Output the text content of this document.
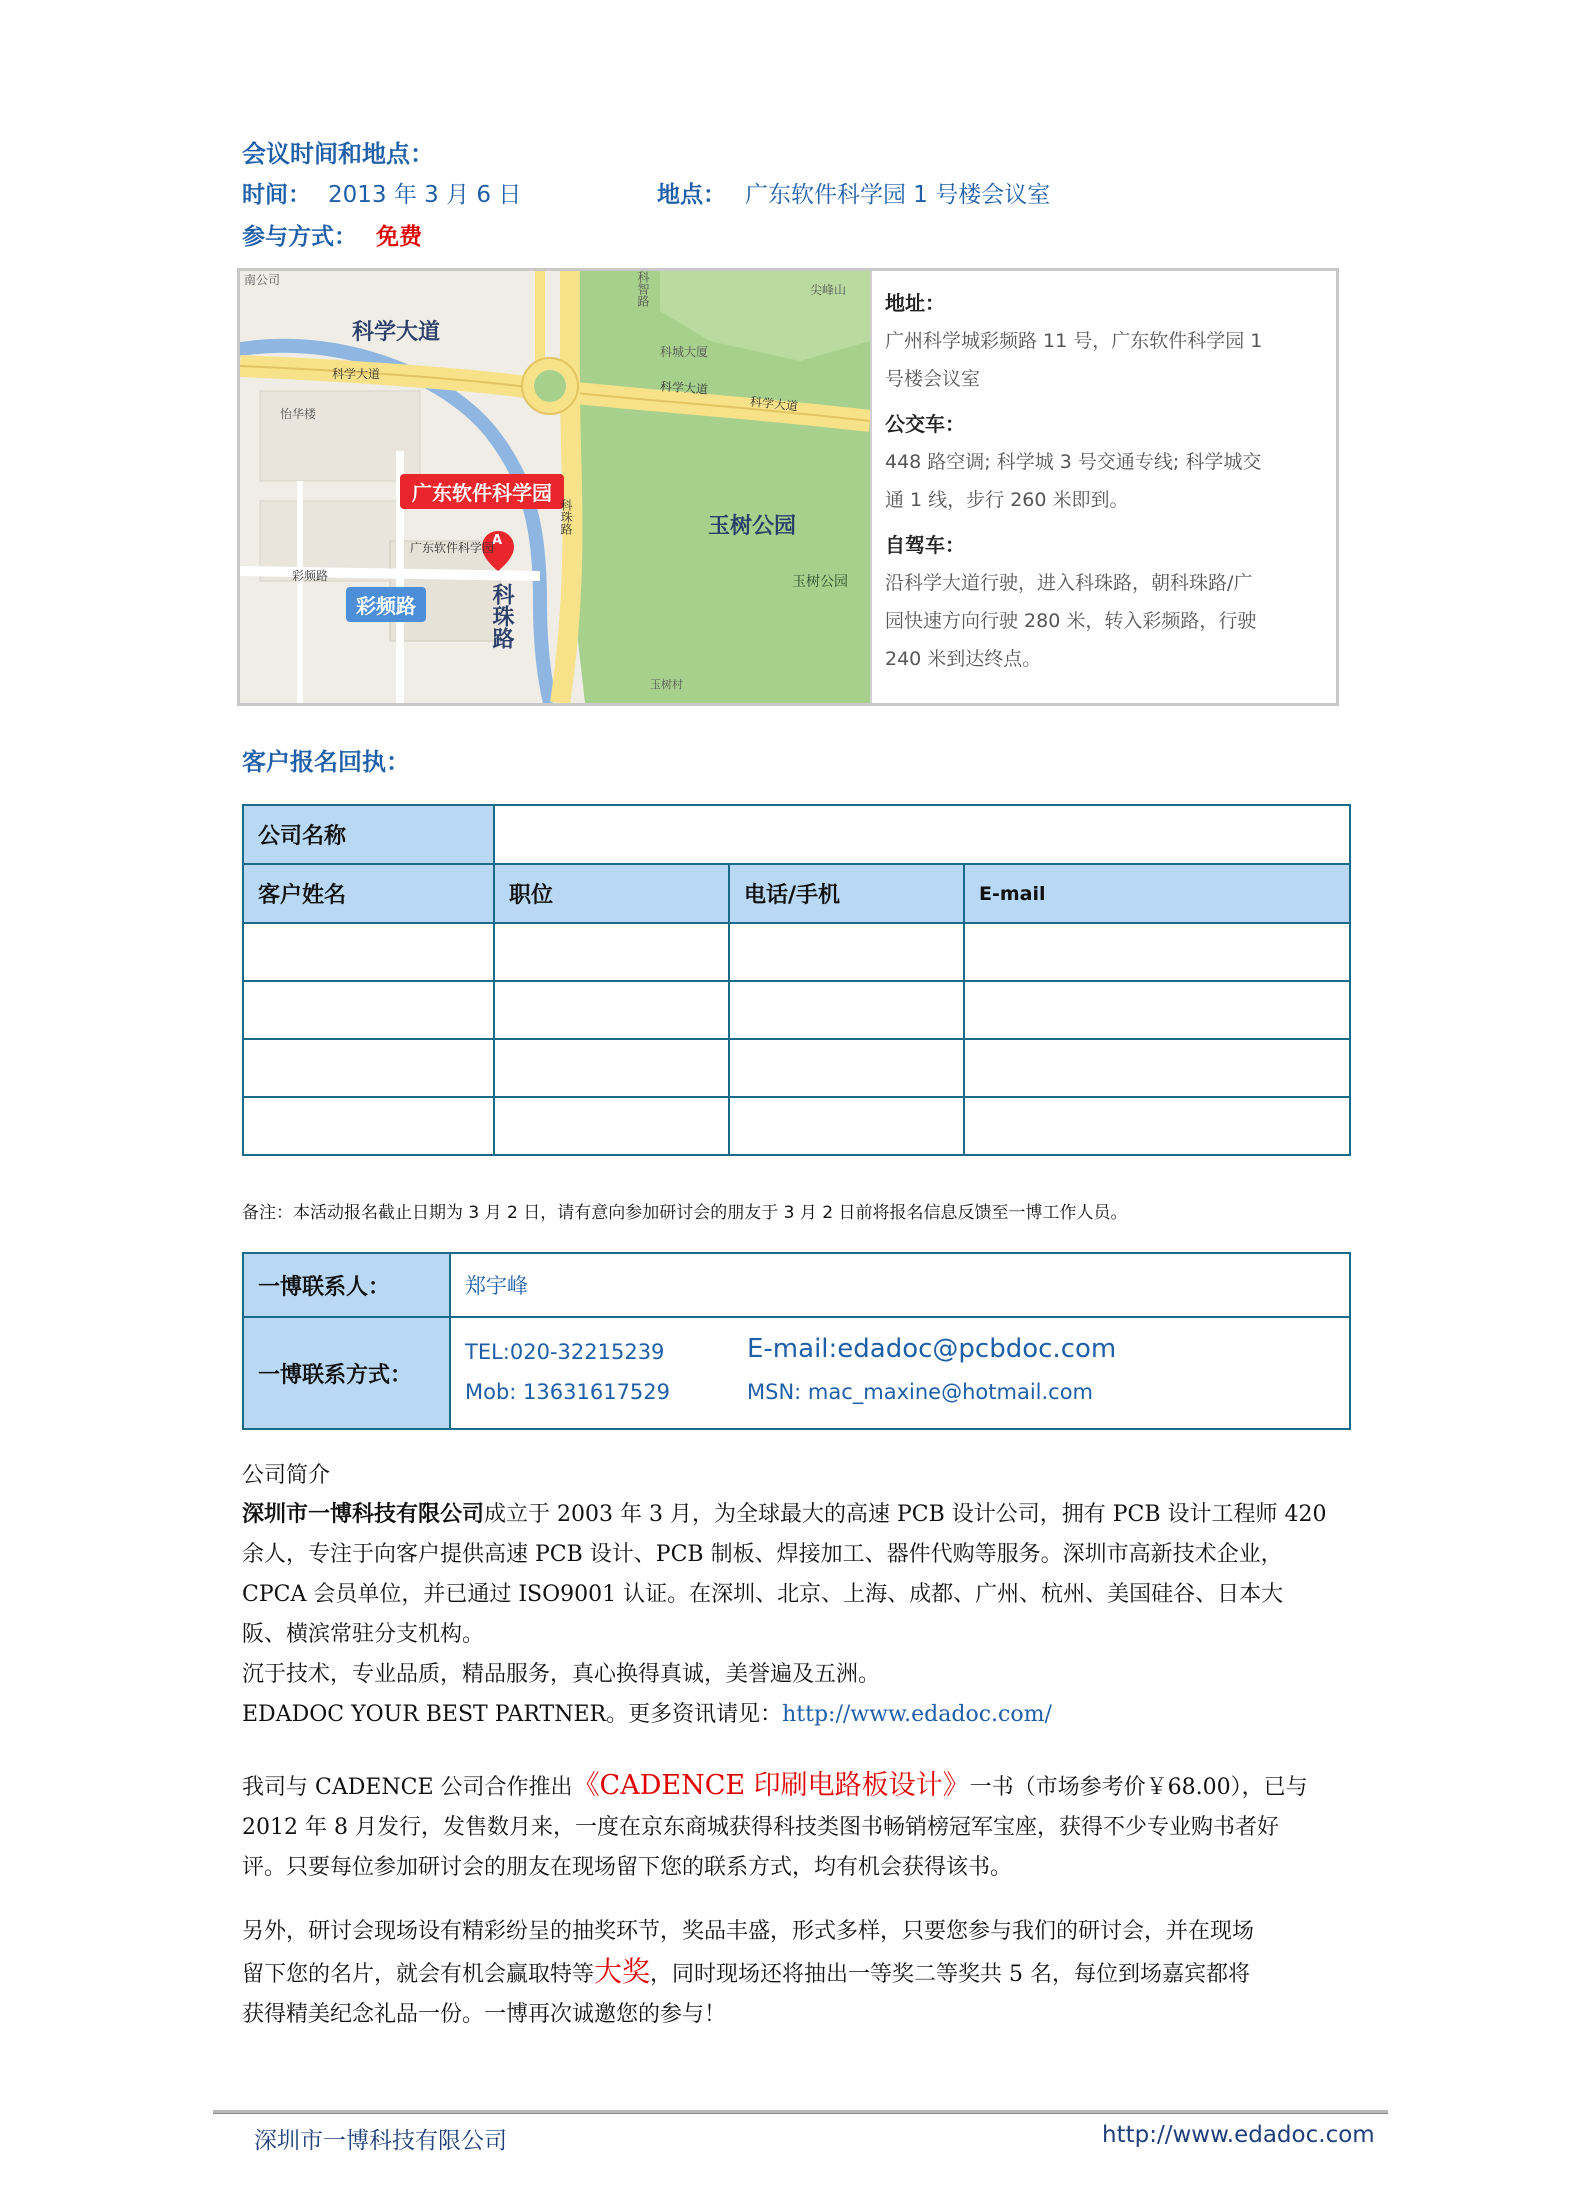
会议时间和地点：
时间： 2013 年 3 月 6 日	地点： 广东软件科学园 1 号楼会议室
参与方式： 免费
南公司	科智路	尖峰山
科学大道
科城大厦
科学大道
科学大道
科学大道
怡华楼
广东软件科学园
A
广东软件科学园
彩频路
彩频路	科珠路
科珠路	玉树公园
玉树公园
玉树村
地址：
广州科学城彩频路 11 号，广东软件科学园 1
号楼会议室
公交车：
448 路空调; 科学城 3 号交通专线; 科学城交
通 1 线，步行 260 米即到。
自驾车：
沿科学大道行驶，进入科珠路，朝科珠路/广
园快速方向行驶 280 米，转入彩频路，行驶
240 米到达终点。
客户报名回执：
公司名称			
客户姓名	职位	电话/手机	E-mail

备注：本活动报名截止日期为 3 月 2 日，请有意向参加研讨会的朋友于 3 月 2 日前将报名信息反馈至一博工作人员。
一博联系人：	郑宇峰
一博联系方式：	TEL:020-32215239
Mob: 13631617529
E-mail:edadoc@pcbdoc.com
MSN: mac_maxine@hotmail.com
公司简介
深圳市一博科技有限公司成立于 2003 年 3 月，为全球最大的高速 PCB 设计公司，拥有 PCB 设计工程师 420
余人，专注于向客户提供高速 PCB 设计、PCB 制板、焊接加工、器件代购等服务。深圳市高新技术企业，
CPCA 会员单位，并已通过 ISO9001 认证。在深圳、北京、上海、成都、广州、杭州、美国硅谷、日本大
阪、横滨常驻分支机构。
沉于技术，专业品质，精品服务，真心换得真诚，美誉遍及五洲。
EDADOC YOUR BEST PARTNER。更多资讯请见：http://www.edadoc.com/
我司与 CADENCE 公司合作推出《CADENCE 印刷电路板设计》一书（市场参考价￥68.00），已与
2012 年 8 月发行，发售数月来，一度在京东商城获得科技类图书畅销榜冠军宝座，获得不少专业购书者好
评。只要每位参加研讨会的朋友在现场留下您的联系方式，均有机会获得该书。
另外，研讨会现场设有精彩纷呈的抽奖环节，奖品丰盛，形式多样，只要您参与我们的研讨会，并在现场
留下您的名片，就会有机会赢取特等大奖，同时现场还将抽出一等奖二等奖共 5 名，每位到场嘉宾都将
获得精美纪念礼品一份。一博再次诚邀您的参与！
深圳市一博科技有限公司	http://www.edadoc.com
